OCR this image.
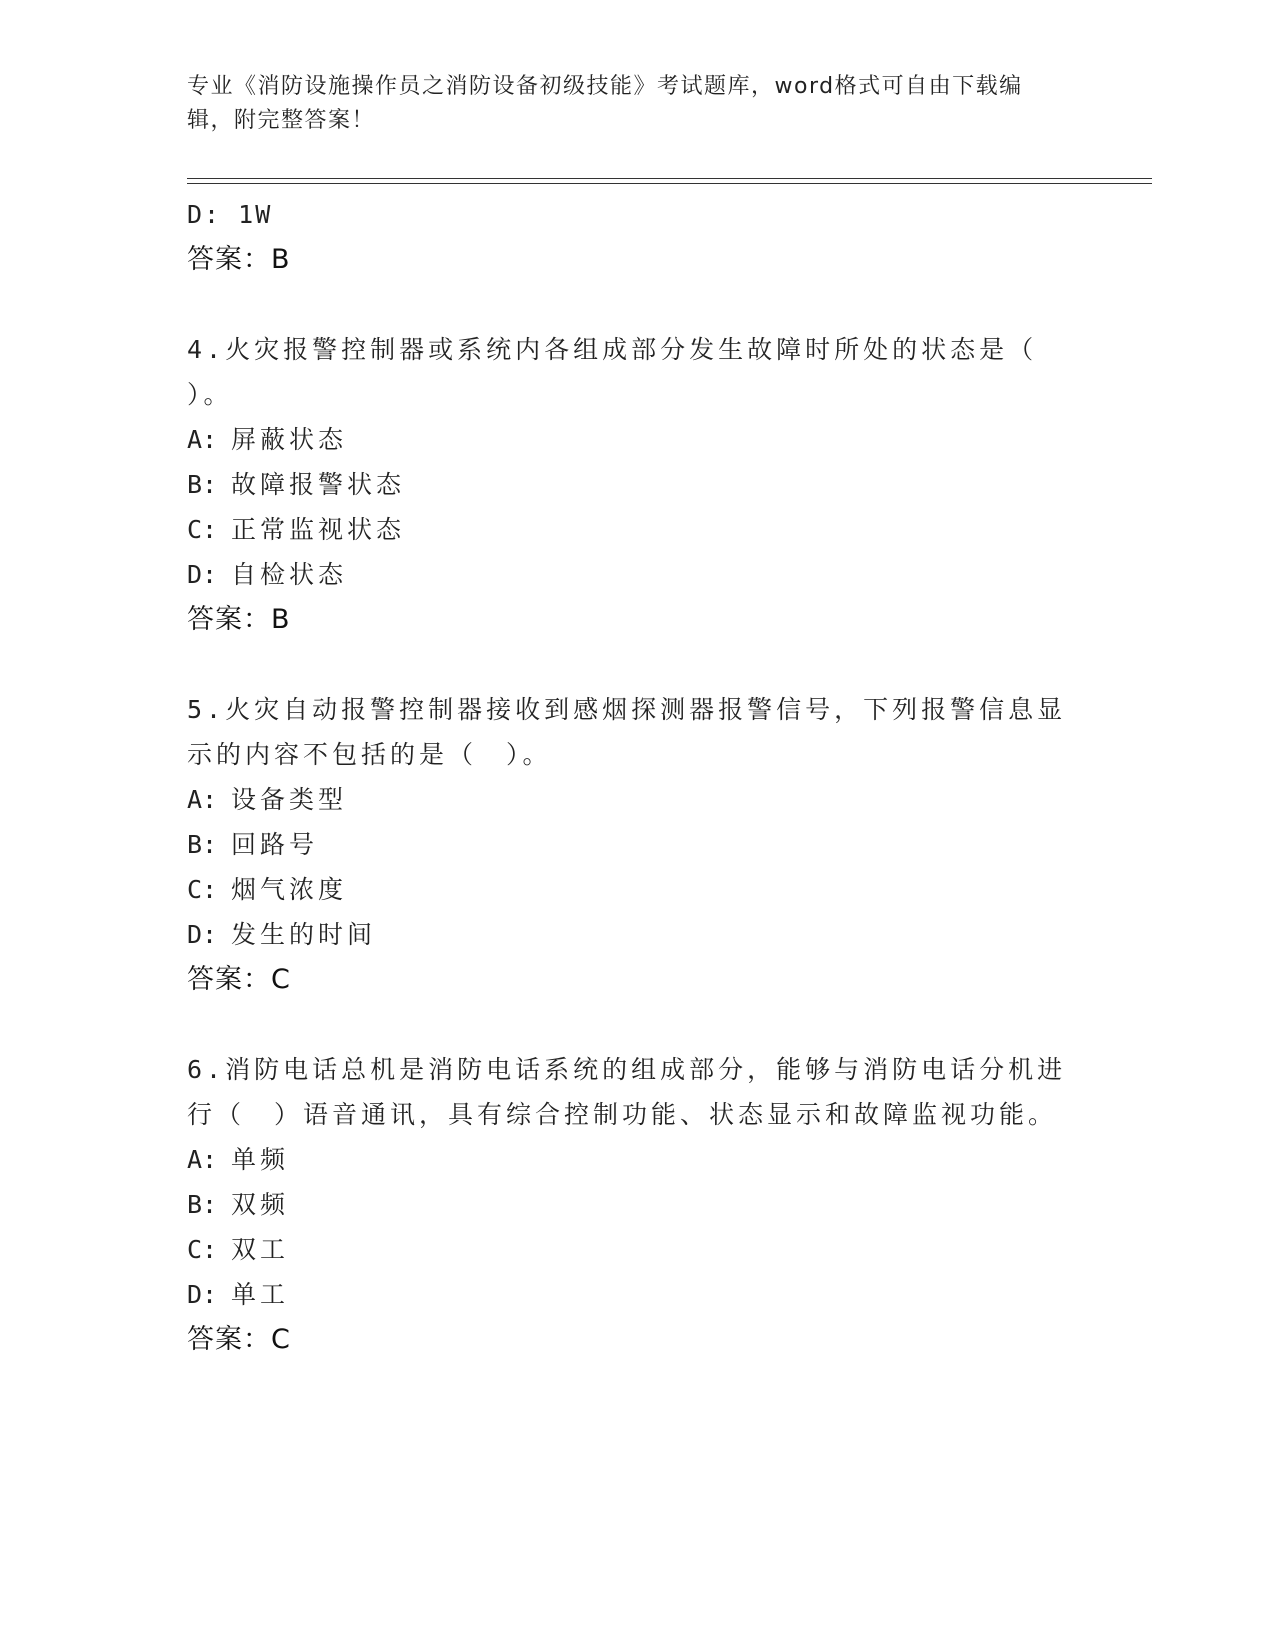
专业《消防设施操作员之消防设备初级技能》考试题库，word格式可自由下载编
辑，附完整答案！
D: 1W
答案：B
4.火灾报警控制器或系统内各组成部分发生故障时所处的状态是（
）。
A: 屏蔽状态
B: 故障报警状态
C: 正常监视状态
D: 自检状态
答案：B
5.火灾自动报警控制器接收到感烟探测器报警信号，下列报警信息显
示的内容不包括的是（　）。
A: 设备类型
B: 回路号
C: 烟气浓度
D: 发生的时间
答案：C
6.消防电话总机是消防电话系统的组成部分，能够与消防电话分机进
行（　）语音通讯，具有综合控制功能、状态显示和故障监视功能。
A: 单频
B: 双频
C: 双工
D: 单工
答案：C
